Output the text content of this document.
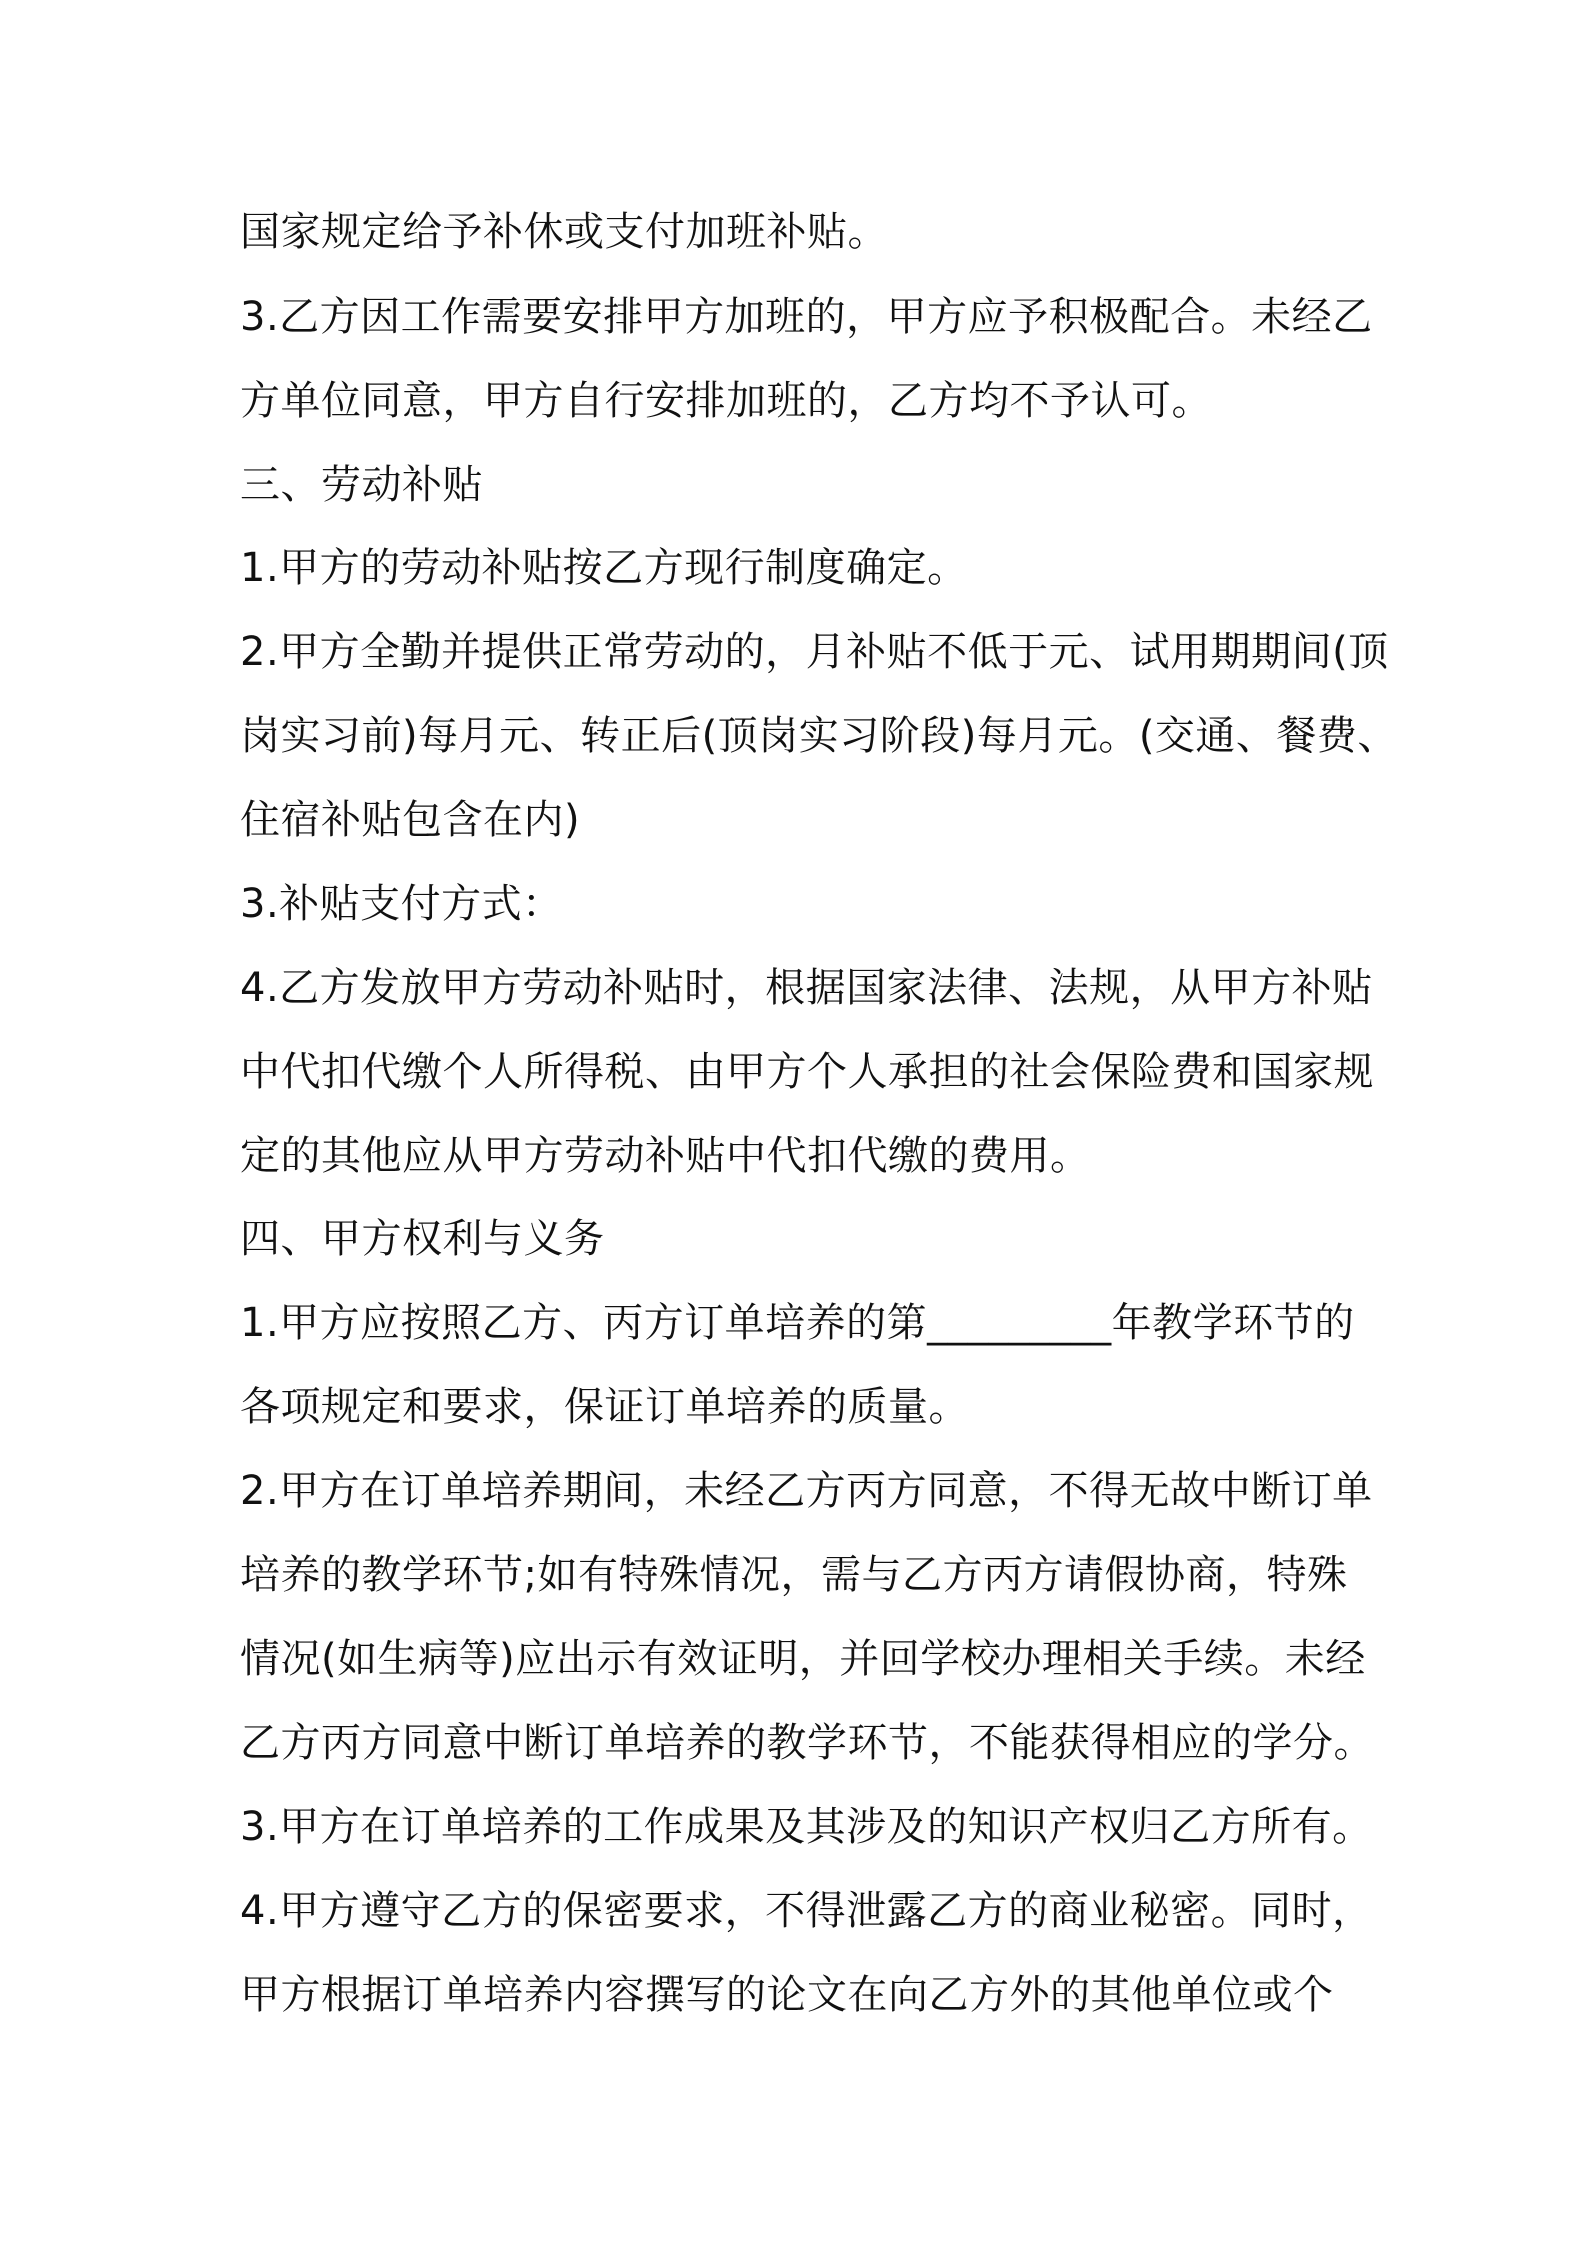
国家规定给予补休或支付加班补贴。
3.乙方因工作需要安排甲方加班的，甲方应予积极配合。未经乙
方单位同意，甲方自行安排加班的，乙方均不予认可。
三、劳动补贴
1.甲方的劳动补贴按乙方现行制度确定。
2.甲方全勤并提供正常劳动的，月补贴不低于元、试用期期间(顶
岗实习前)每月元、转正后(顶岗实习阶段)每月元。(交通、餐费、
住宿补贴包含在内)
3.补贴支付方式：
4.乙方发放甲方劳动补贴时，根据国家法律、法规，从甲方补贴
中代扣代缴个人所得税、由甲方个人承担的社会保险费和国家规
定的其他应从甲方劳动补贴中代扣代缴的费用。
四、甲方权利与义务
1.甲方应按照乙方、丙方订单培养的第_________年教学环节的
各项规定和要求，保证订单培养的质量。
2.甲方在订单培养期间，未经乙方丙方同意，不得无故中断订单
培养的教学环节;如有特殊情况，需与乙方丙方请假协商，特殊
情况(如生病等)应出示有效证明，并回学校办理相关手续。未经
乙方丙方同意中断订单培养的教学环节，不能获得相应的学分。
3.甲方在订单培养的工作成果及其涉及的知识产权归乙方所有。
4.甲方遵守乙方的保密要求，不得泄露乙方的商业秘密。同时，
甲方根据订单培养内容撰写的论文在向乙方外的其他单位或个
